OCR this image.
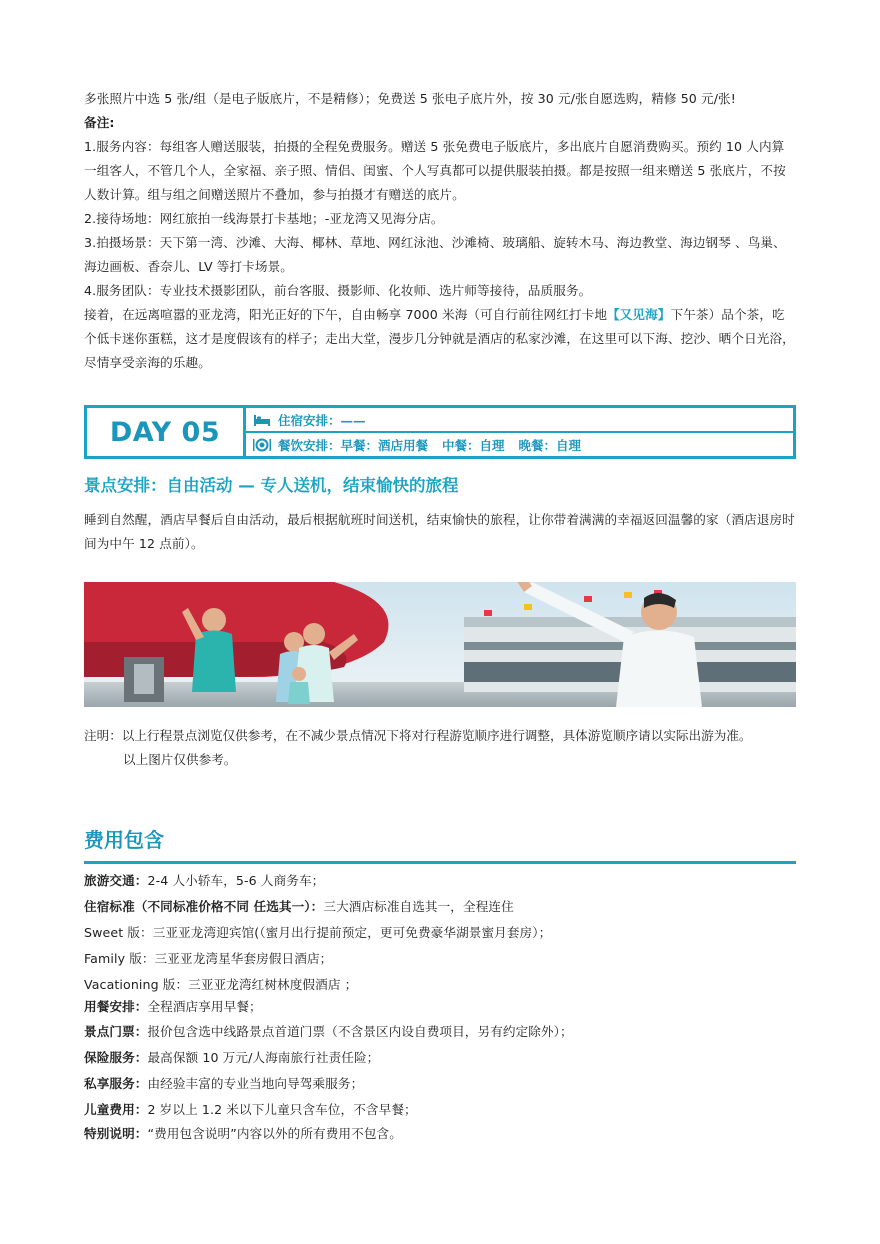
多张照片中选 5 张/组（是电子版底片，不是精修）；免费送 5 张电子底片外，按 30 元/张自愿选购，精修 50 元/张!

备注:

1.服务内容：每组客人赠送服装，拍摄的全程免费服务。赠送 5 张免费电子版底片，多出底片自愿消费购买。预约 10 人内算一组客人，不管几个人，全家福、亲子照、情侣、闺蜜、个人写真都可以提供服装拍摄。都是按照一组来赠送 5 张底片，不按人数计算。组与组之间赠送照片不叠加，参与拍摄才有赠送的底片。

2.接待场地：网红旅拍一线海景打卡基地；-亚龙湾又见海分店。

3.拍摄场景：天下第一湾、沙滩、大海、椰林、草地、网红泳池、沙滩椅、玻璃船、旋转木马、海边教堂、海边钢琴 、鸟巢、海边画板、香奈儿、LV 等打卡场景。

4.服务团队：专业技术摄影团队，前台客服、摄影师、化妆师、选片师等接待，品质服务。

接着，在远离喧嚣的亚龙湾，阳光正好的下午，自由畅享 7000 米海（可自行前往网红打卡地【又见海】下午茶）品个茶，吃个低卡迷你蛋糕，这才是度假该有的样子；走出大堂，漫步几分钟就是酒店的私家沙滩，在这里可以下海、挖沙、晒个日光浴，尽情享受亲海的乐趣。

DAY 05	住宿安排：——
餐饮安排：早餐：酒店用餐 中餐：自理 晚餐：自理
景点安排：自由活动 — 专人送机，结束愉快的旅程

睡到自然醒，酒店早餐后自由活动，最后根据航班时间送机，结束愉快的旅程，让你带着满满的幸福返回温馨的家（酒店退房时间为中午 12 点前）。

注明：以上行程景点浏览仅供参考，在不减少景点情况下将对行程游览顺序进行调整，具体游览顺序请以实际出游为准。
以上图片仅供参考。
费用包含

旅游交通：2-4 人小轿车，5-6 人商务车；

住宿标准（不同标准价格不同 任选其一）：三大酒店标准自选其一，全程连住

Sweet 版：三亚亚龙湾迎宾馆(（蜜月出行提前预定，更可免费豪华湖景蜜月套房）；

Family 版：三亚亚龙湾星华套房假日酒店；

Vacationing 版：三亚亚龙湾红树林度假酒店 ；

用餐安排：全程酒店享用早餐；

景点门票：报价包含选中线路景点首道门票（不含景区内设自费项目，另有约定除外）；

保险服务：最高保额 10 万元/人海南旅行社责任险；

私享服务：由经验丰富的专业当地向导驾乘服务；

儿童费用：2 岁以上 1.2 米以下儿童只含车位，不含早餐；

特别说明：“费用包含说明”内容以外的所有费用不包含。
